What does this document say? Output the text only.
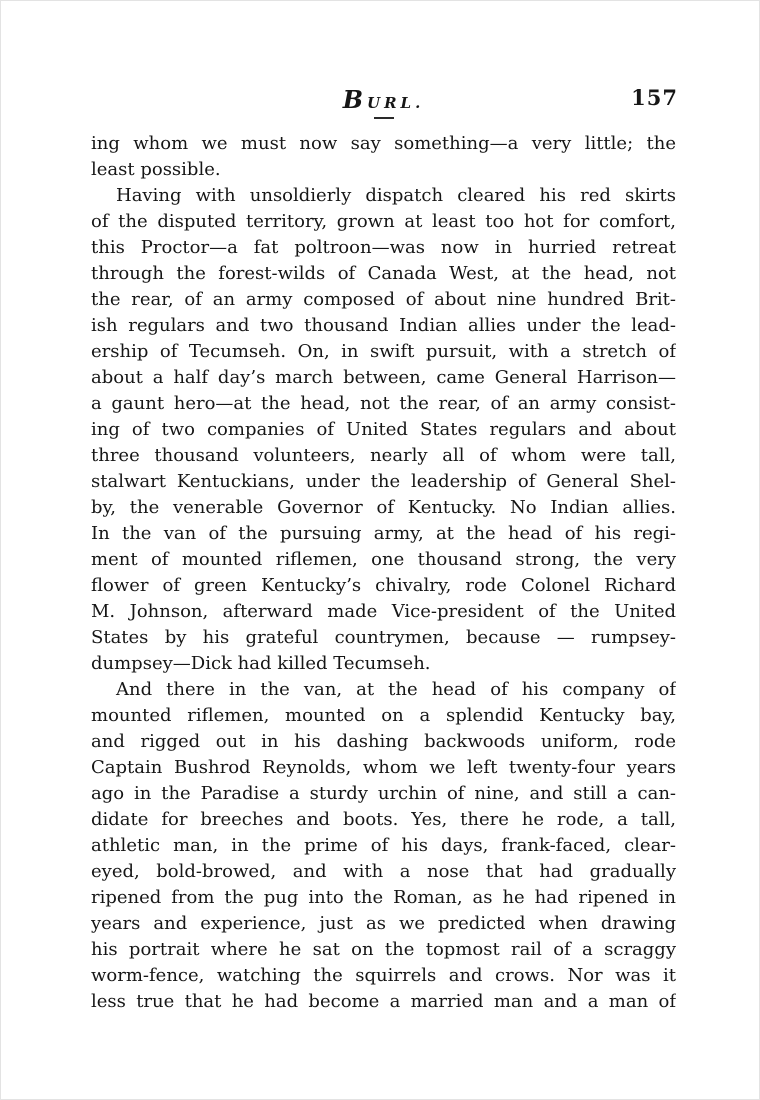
BURL.	157
ing whom we must now say something—a very little; the
least possible.
Having with unsoldierly dispatch cleared his red skirts
of the disputed territory, grown at least too hot for comfort,
this Proctor—a fat poltroon—was now in hurried retreat
through the forest-wilds of Canada West, at the head, not
the rear, of an army composed of about nine hundred Brit-
ish regulars and two thousand Indian allies under the lead-
ership of Tecumseh. On, in swift pursuit, with a stretch of
about a half day’s march between, came General Harrison—
a gaunt hero—at the head, not the rear, of an army consist-
ing of two companies of United States regulars and about
three thousand volunteers, nearly all of whom were tall,
stalwart Kentuckians, under the leadership of General Shel-
by, the venerable Governor of Kentucky. No Indian allies.
In the van of the pursuing army, at the head of his regi-
ment of mounted riflemen, one thousand strong, the very
flower of green Kentucky’s chivalry, rode Colonel Richard
M. Johnson, afterward made Vice-president of the United
States by his grateful countrymen, because — rumpsey-
dumpsey—Dick had killed Tecumseh.
And there in the van, at the head of his company of
mounted riflemen, mounted on a splendid Kentucky bay,
and rigged out in his dashing backwoods uniform, rode
Captain Bushrod Reynolds, whom we left twenty-four years
ago in the Paradise a sturdy urchin of nine, and still a can-
didate for breeches and boots. Yes, there he rode, a tall,
athletic man, in the prime of his days, frank-faced, clear-
eyed, bold-browed, and with a nose that had gradually
ripened from the pug into the Roman, as he had ripened in
years and experience, just as we predicted when drawing
his portrait where he sat on the topmost rail of a scraggy
worm-fence, watching the squirrels and crows. Nor was it
less true that he had become a married man and a man of
